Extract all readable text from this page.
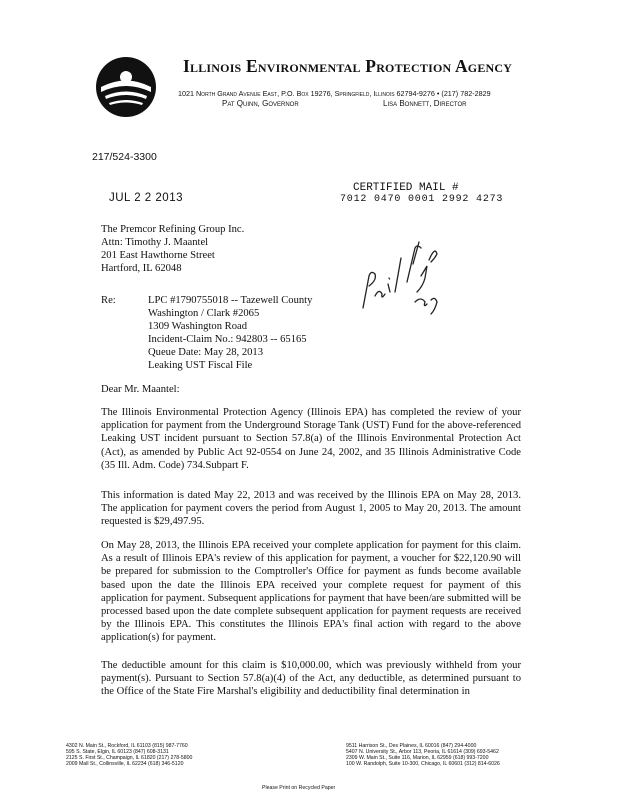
Illinois Environmental Protection Agency
1021 North Grand Avenue East, P.O. Box 19276, Springfield, Illinois 62794-9276 • (217) 782-2829
Pat Quinn, Governor	Lisa Bonnett, Director
217/524-3300
JUL 2 2 2013
CERTIFIED MAIL #
7012 0470 0001 2992 4273
The Premcor Refining Group Inc.
Attn: Timothy J. Maantel
201 East Hawthorne Street
Hartford, IL 62048
Re:	LPC #1790755018 -- Tazewell County
Washington / Clark #2065
1309 Washington Road
Incident-Claim No.: 942803 -- 65165
Queue Date: May 28, 2013
Leaking UST Fiscal File
Dear Mr. Maantel:
The Illinois Environmental Protection Agency (Illinois EPA) has completed the review of your application for payment from the Underground Storage Tank (UST) Fund for the above-referenced Leaking UST incident pursuant to Section 57.8(a) of the Illinois Environmental Protection Act (Act), as amended by Public Act 92-0554 on June 24, 2002, and 35 Illinois Administrative Code (35 Ill. Adm. Code) 734.Subpart F.
This information is dated May 22, 2013 and was received by the Illinois EPA on May 28, 2013. The application for payment covers the period from August 1, 2005 to May 20, 2013. The amount requested is $29,497.95.
On May 28, 2013, the Illinois EPA received your complete application for payment for this claim. As a result of Illinois EPA's review of this application for payment, a voucher for $22,120.90 will be prepared for submission to the Comptroller's Office for payment as funds become available based upon the date the Illinois EPA received your complete request for payment of this application for payment. Subsequent applications for payment that have been/are submitted will be processed based upon the date complete subsequent application for payment requests are received by the Illinois EPA. This constitutes the Illinois EPA's final action with regard to the above application(s) for payment.
The deductible amount for this claim is $10,000.00, which was previously withheld from your payment(s). Pursuant to Section 57.8(a)(4) of the Act, any deductible, as determined pursuant to the Office of the State Fire Marshal's eligibility and deductibility final determination in
4302 N. Main St., Rockford, IL 61103 (815) 987-7760
595 S. State, Elgin, IL 60123 (847) 608-3131
2125 S. First St., Champaign, IL 61820 (217) 278-5800
2009 Mall St., Collinsville, IL 62234 (618) 346-5120
9511 Harrison St., Des Plaines, IL 60016 (847) 294-4000
5407 N. University St., Arbor 113, Peoria, IL 61614 (309) 693-5462
2309 W. Main St., Suite 116, Marion, IL 62959 (618) 993-7200
100 W. Randolph, Suite 10-300, Chicago, IL 60601 (312) 814-6026
Please Print on Recycled Paper
